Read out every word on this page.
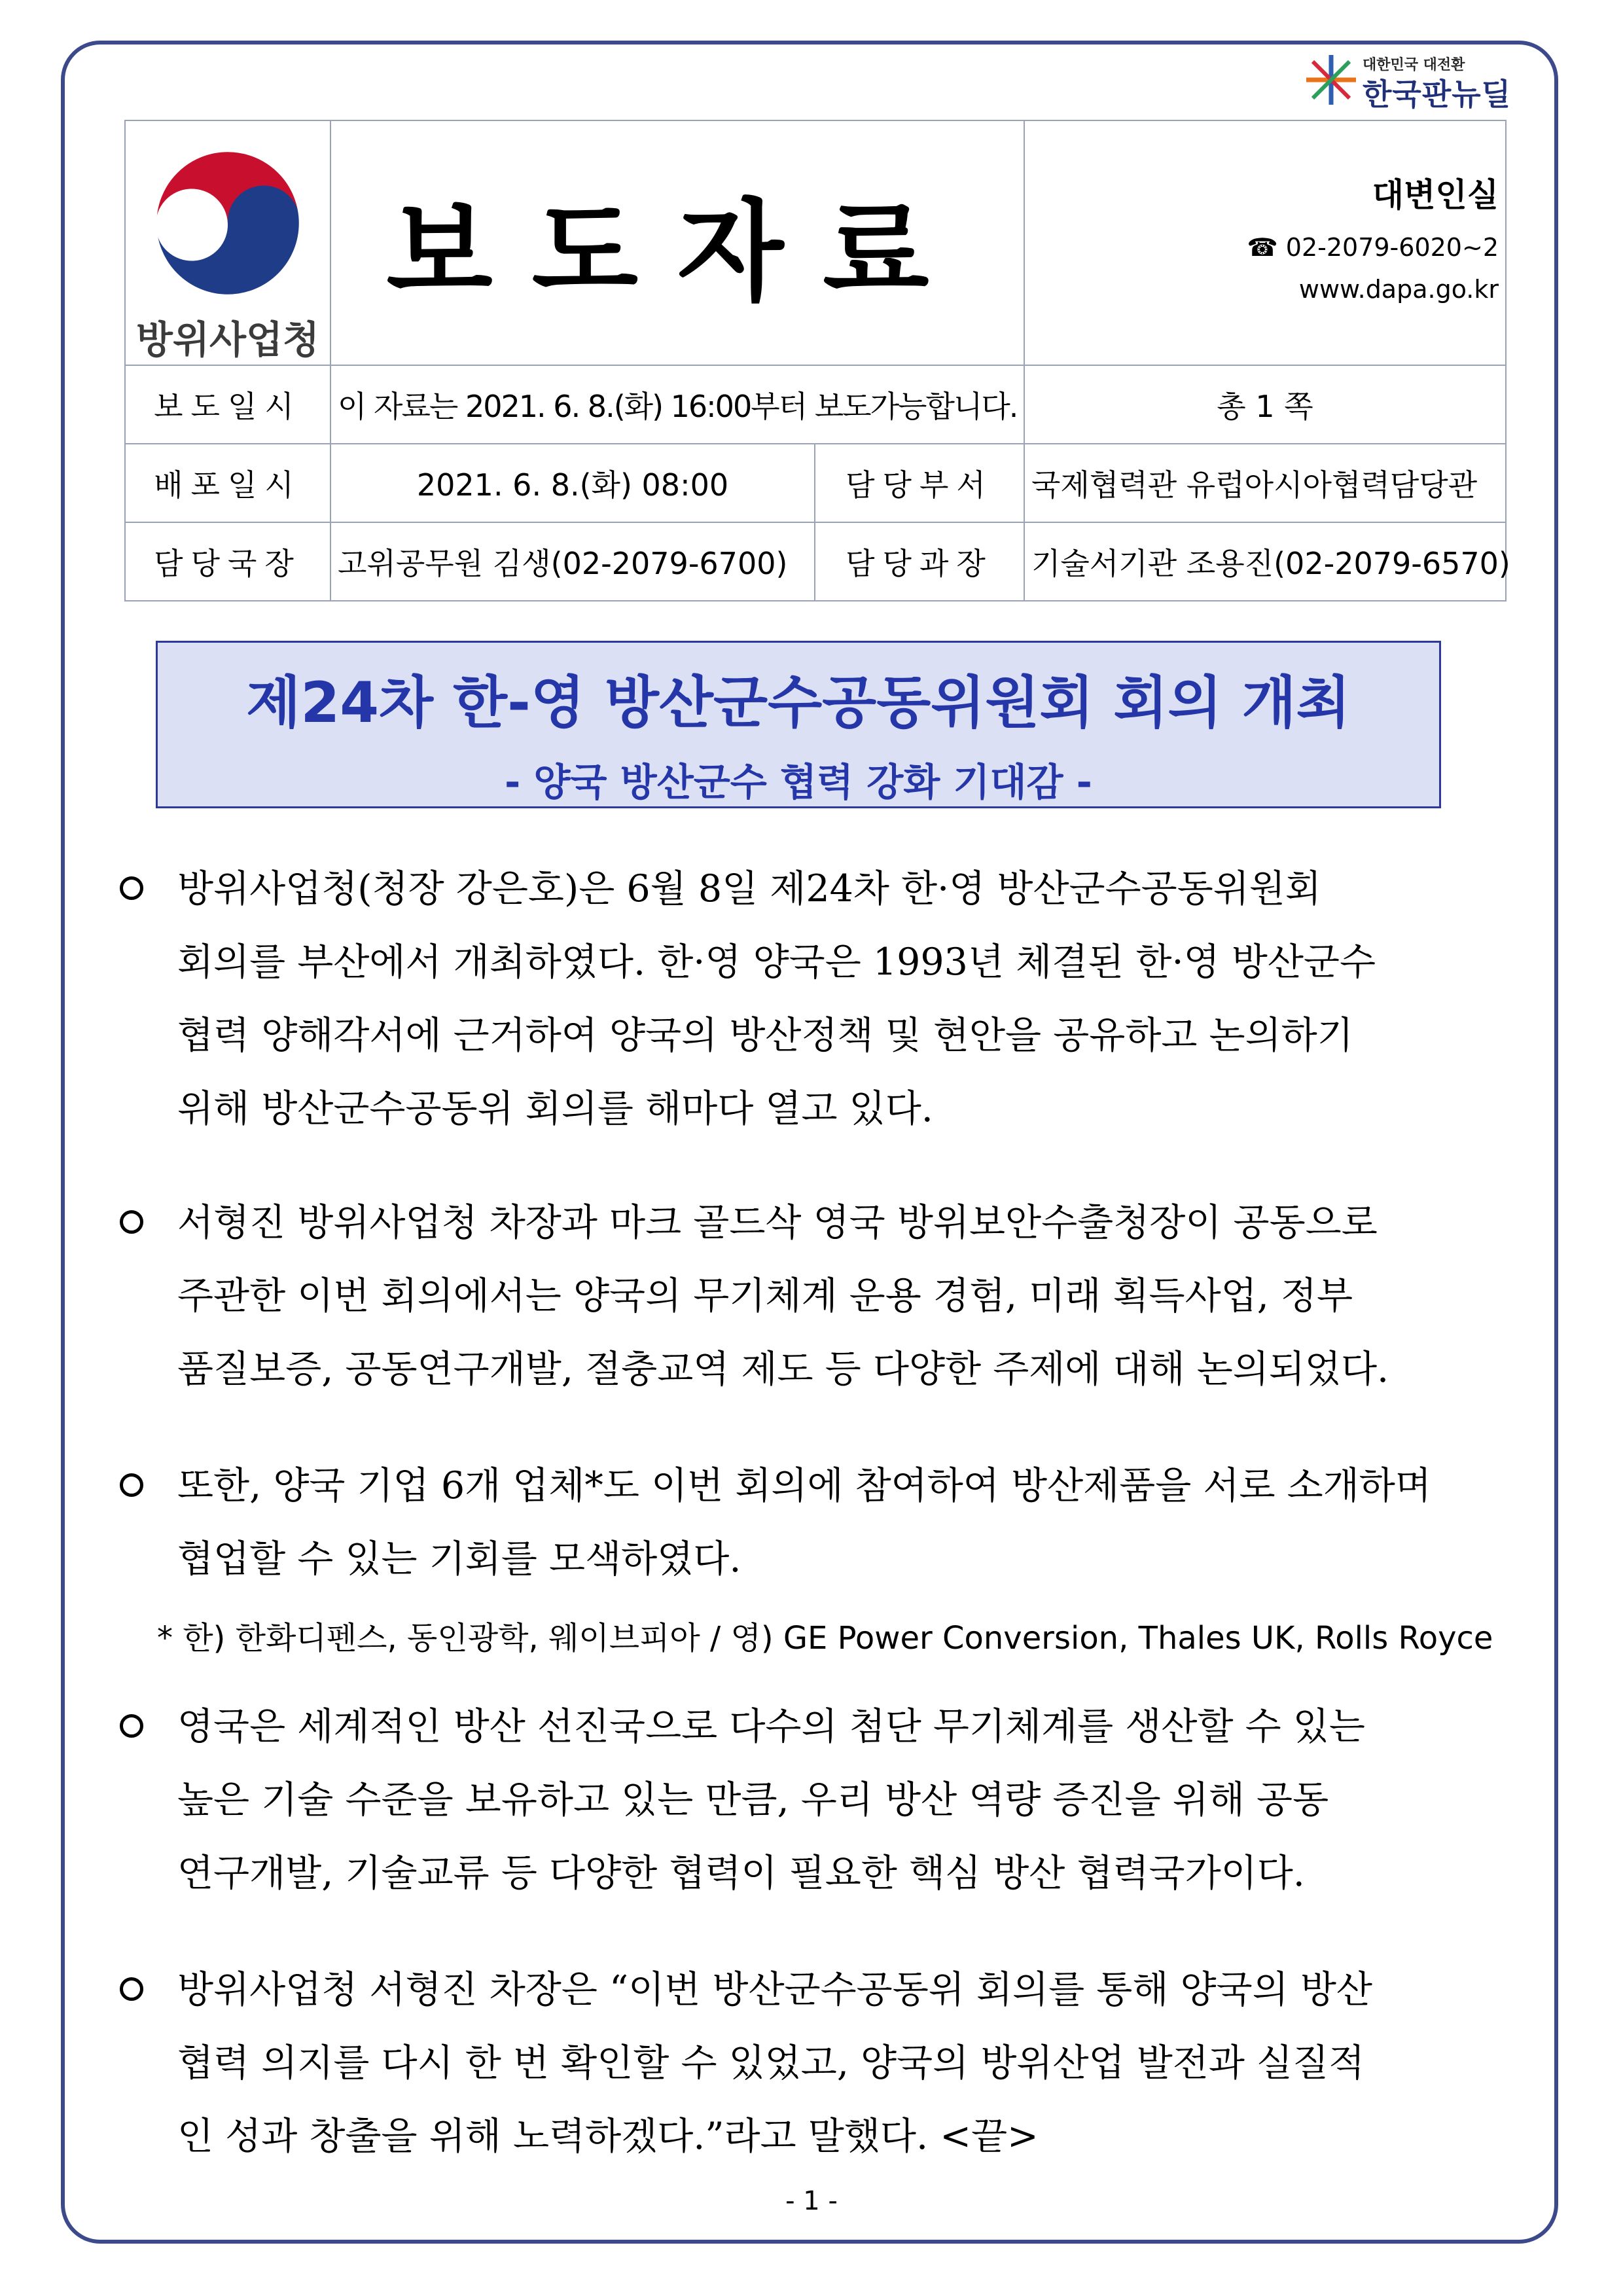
대한민국 대전환
한국판뉴딜
방위사업청	보도자료		대변인실
☎ 02-2079-6020~2
www.dapa.go.kr

보도일시	이 자료는 2021. 6. 8.(화) 16:00부터 보도가능합니다.		총 1 쪽
배포일시	2021. 6. 8.(화) 08:00	담당부서	국제협력관 유럽아시아협력담당관
담당국장	고위공무원 김생(02-2079-6700)	담당과장	기술서기관 조용진(02-2079-6570)
제24차 한-영 방산군수공동위원회 회의 개최
- 양국 방산군수 협력 강화 기대감 -
방위사업청(청장 강은호)은 6월 8일 제24차 한·영 방산군수공동위원회
회의를 부산에서 개최하였다. 한·영 양국은 1993년 체결된 한·영 방산군수
협력 양해각서에 근거하여 양국의 방산정책 및 현안을 공유하고 논의하기
위해 방산군수공동위 회의를 해마다 열고 있다.
서형진 방위사업청 차장과 마크 골드삭 영국 방위보안수출청장이 공동으로
주관한 이번 회의에서는 양국의 무기체계 운용 경험, 미래 획득사업, 정부
품질보증, 공동연구개발, 절충교역 제도 등 다양한 주제에 대해 논의되었다.
또한, 양국 기업 6개 업체*도 이번 회의에 참여하여 방산제품을 서로 소개하며
협업할 수 있는 기회를 모색하였다.
* 한) 한화디펜스, 동인광학, 웨이브피아 / 영) GE Power Conversion, Thales UK, Rolls Royce
영국은 세계적인 방산 선진국으로 다수의 첨단 무기체계를 생산할 수 있는
높은 기술 수준을 보유하고 있는 만큼, 우리 방산 역량 증진을 위해 공동
연구개발, 기술교류 등 다양한 협력이 필요한 핵심 방산 협력국가이다.
방위사업청 서형진 차장은 “이번 방산군수공동위 회의를 통해 양국의 방산
협력 의지를 다시 한 번 확인할 수 있었고, 양국의 방위산업 발전과 실질적
인 성과 창출을 위해 노력하겠다.”라고 말했다. <끝>
- 1 -
